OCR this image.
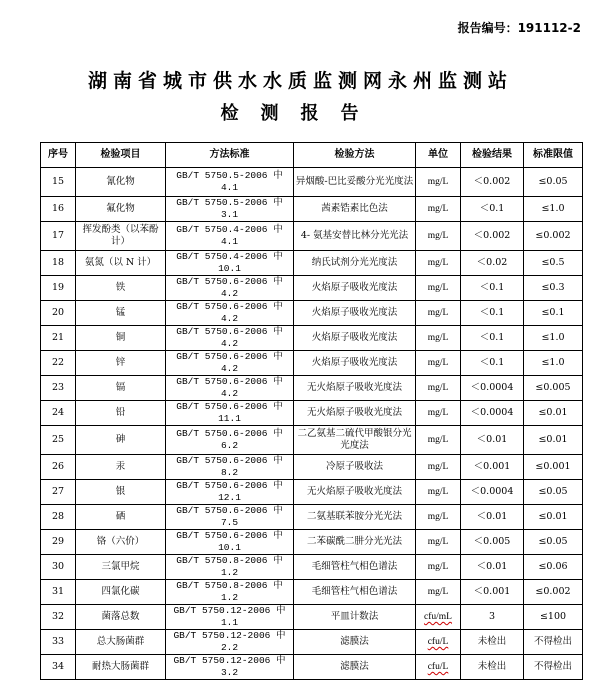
报告编号：191112-2
湖南省城市供水水质监测网永州监测站
检测报告
序号	检验项目	方法标准	检验方法	单位	检验结果	标准限值
15	氰化物	GB/T 5750.5-2006 中 4.1	异烟酸-巴比妥酸分光光度法	mg/L	＜0.002	≤0.05
16	氟化物	GB/T 5750.5-2006 中 3.1	茜素锆素比色法	mg/L	＜0.1	≤1.0
17	挥发酚类（以苯酚计）	GB/T 5750.4-2006 中 4.1	4- 氨基安替比林分光光法	mg/L	＜0.002	≤0.002
18	氨氮（以 N 计）	GB/T 5750.4-2006 中 10.1	纳氏试剂分光光度法	mg/L	＜0.02	≤0.5
19	铁	GB/T 5750.6-2006 中 4.2	火焰原子吸收光度法	mg/L	＜0.1	≤0.3
20	锰	GB/T 5750.6-2006 中 4.2	火焰原子吸收光度法	mg/L	＜0.1	≤0.1
21	铜	GB/T 5750.6-2006 中 4.2	火焰原子吸收光度法	mg/L	＜0.1	≤1.0
22	锌	GB/T 5750.6-2006 中 4.2	火焰原子吸收光度法	mg/L	＜0.1	≤1.0
23	镉	GB/T 5750.6-2006 中 4.2	无火焰原子吸收光度法	mg/L	＜0.0004	≤0.005
24	铅	GB/T 5750.6-2006 中 11.1	无火焰原子吸收光度法	mg/L	＜0.0004	≤0.01
25	砷	GB/T 5750.6-2006 中 6.2	二乙氨基二硫代甲酸银分光光度法	mg/L	＜0.01	≤0.01
26	汞	GB/T 5750.6-2006 中 8.2	冷原子吸收法	mg/L	＜0.001	≤0.001
27	银	GB/T 5750.6-2006 中 12.1	无火焰原子吸收光度法	mg/L	＜0.0004	≤0.05
28	硒	GB/T 5750.6-2006 中 7.5	二氨基联苯胺分光光法	mg/L	＜0.01	≤0.01
29	铬（六价）	GB/T 5750.6-2006 中 10.1	二苯碳酰二肼分光光法	mg/L	＜0.005	≤0.05
30	三氯甲烷	GB/T 5750.8-2006 中 1.2	毛细管柱气相色谱法	mg/L	＜0.01	≤0.06
31	四氯化碳	GB/T 5750.8-2006 中 1.2	毛细管柱气相色谱法	mg/L	＜0.001	≤0.002
32	菌落总数	GB/T 5750.12-2006 中 1.1	平皿计数法	cfu/mL	3	≤100
33	总大肠菌群	GB/T 5750.12-2006 中 2.2	滤膜法	cfu/L	未检出	不得检出
34	耐热大肠菌群	GB/T 5750.12-2006 中 3.2	滤膜法	cfu/L	未检出	不得检出
